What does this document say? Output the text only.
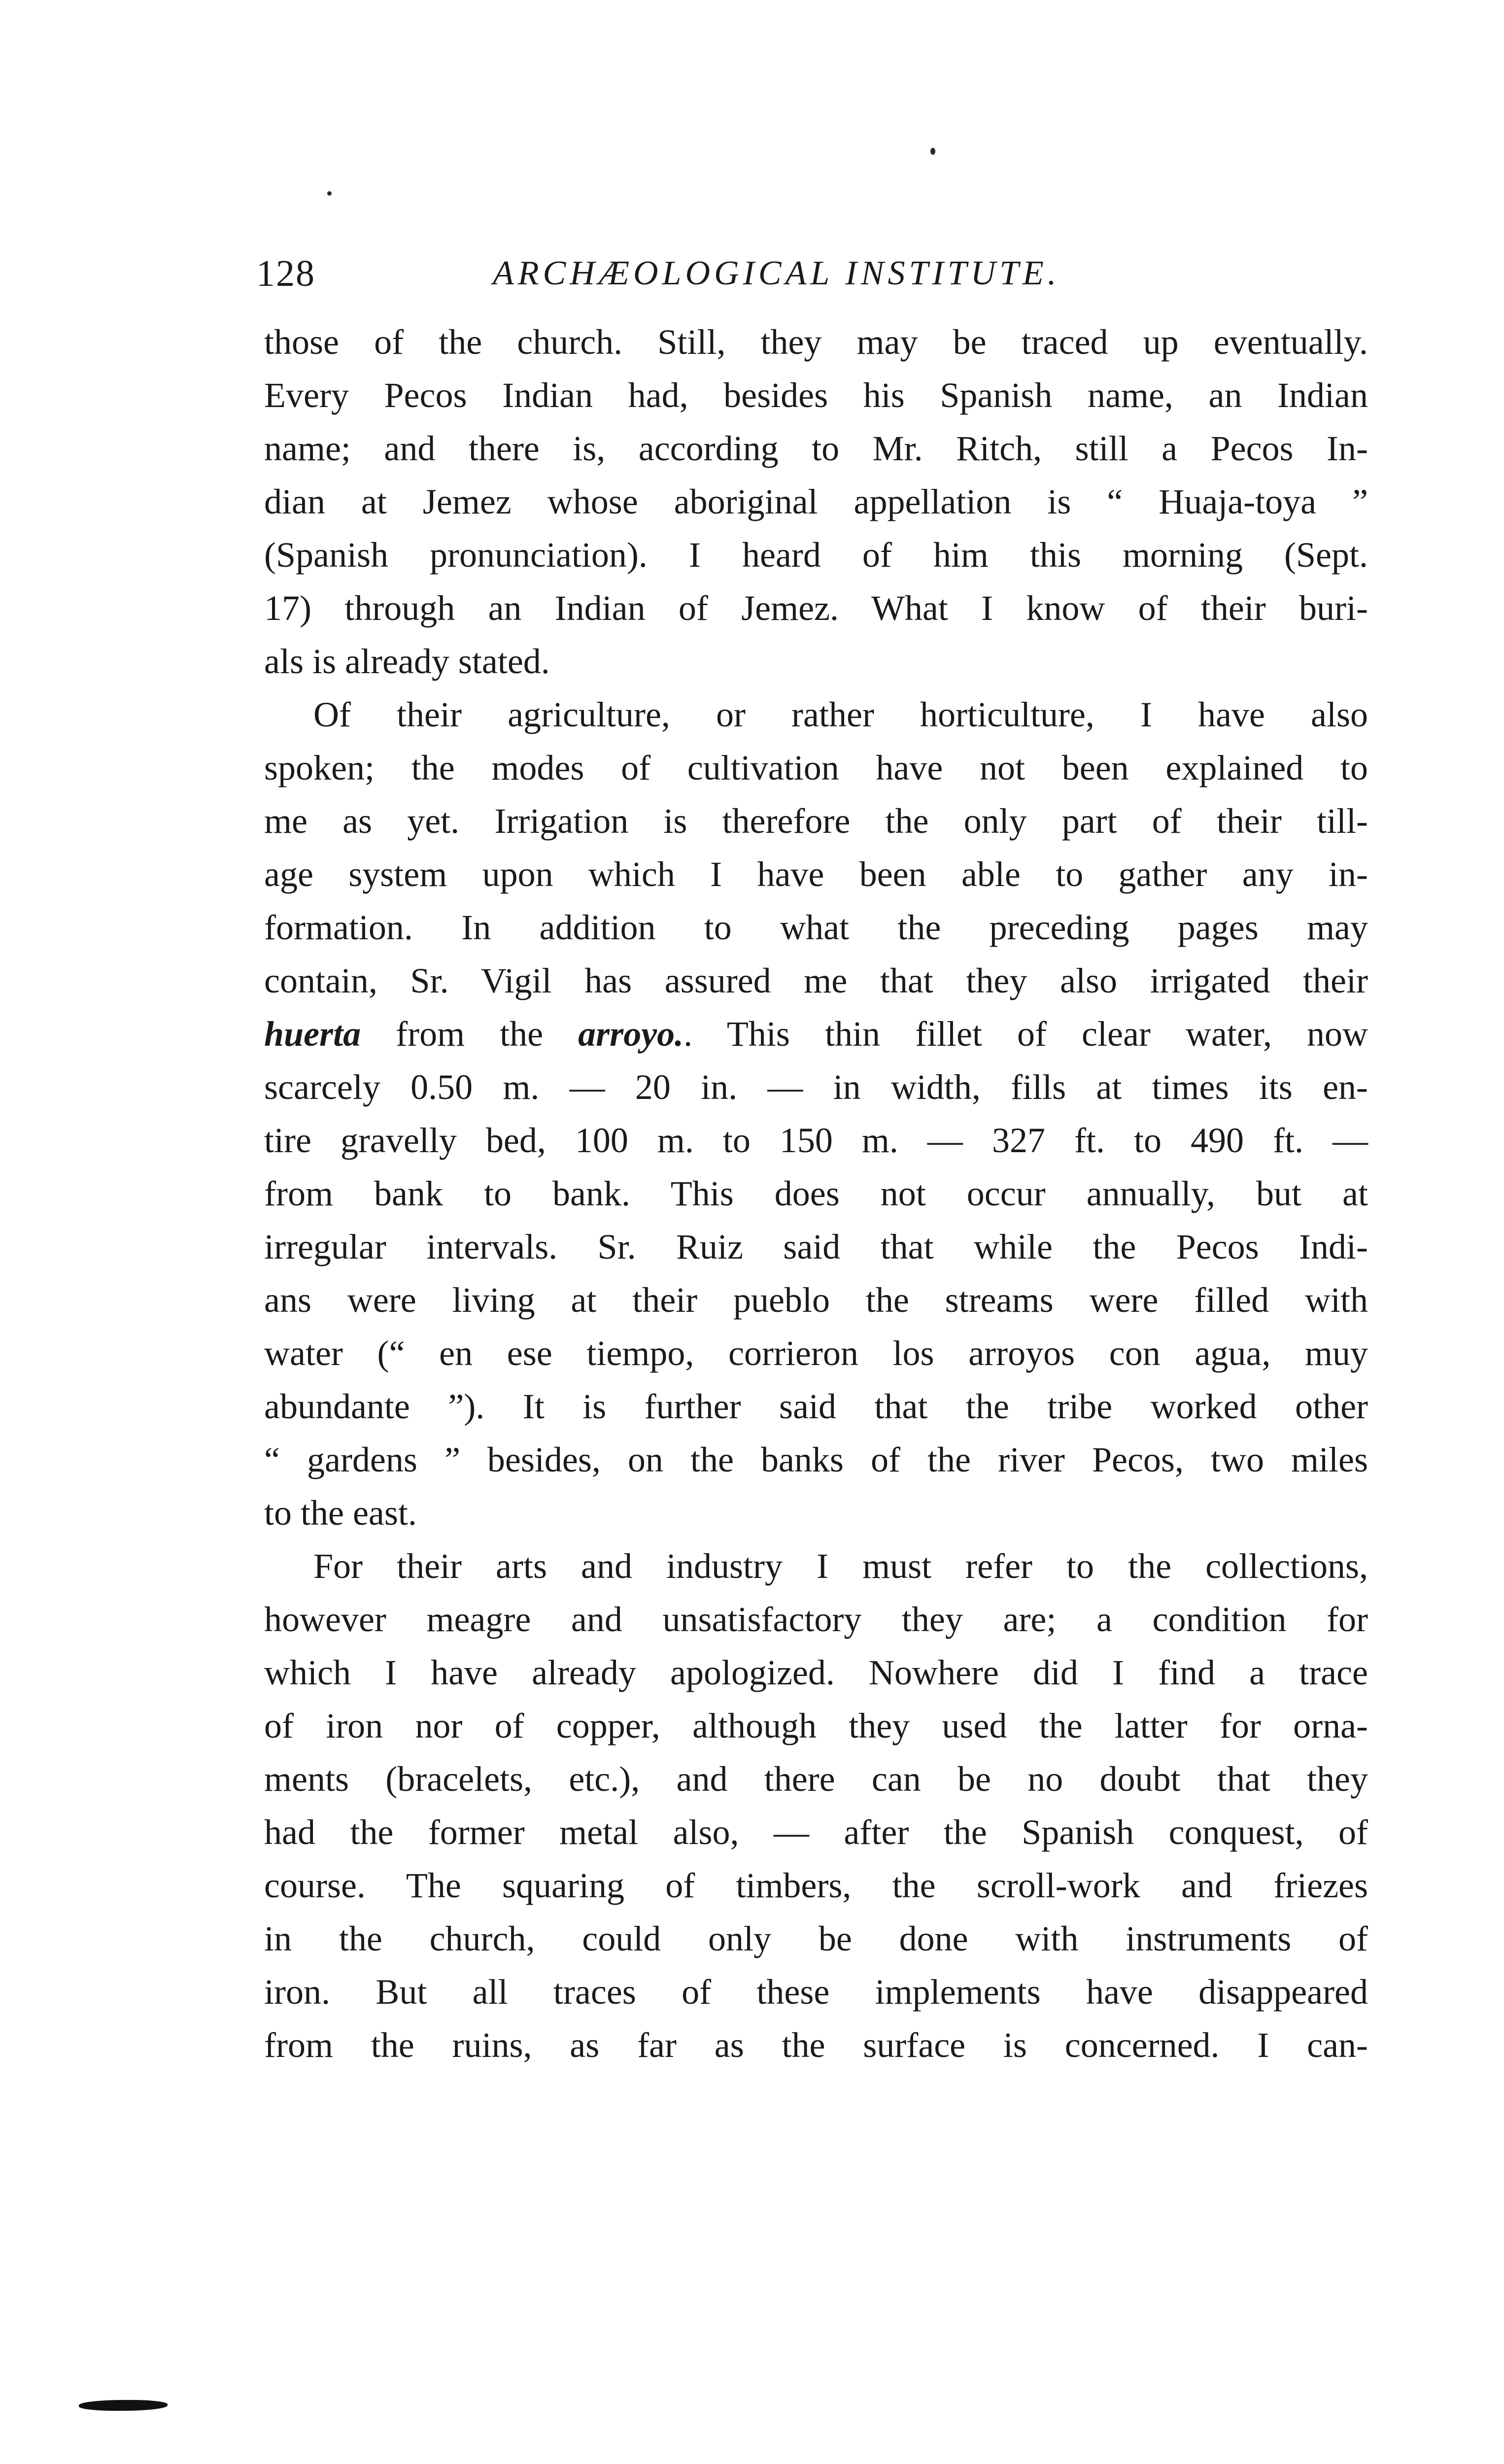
128	ARCHÆOLOGICAL INSTITUTE.
those of the church. Still, they may be traced up eventually.
Every Pecos Indian had, besides his Spanish name, an Indian
name; and there is, according to Mr. Ritch, still a Pecos In-
dian at Jemez whose aboriginal appellation is “ Huaja-toya ”
(Spanish pronunciation). I heard of him this morning (Sept.
17) through an Indian of Jemez. What I know of their buri-
als is already stated.
Of their agriculture, or rather horticulture, I have also
spoken; the modes of cultivation have not been explained to
me as yet. Irrigation is therefore the only part of their till-
age system upon which I have been able to gather any in-
formation. In addition to what the preceding pages may
contain, Sr. Vigil has assured me that they also irrigated their
huerta from the arroyo.. This thin fillet of clear water, now
scarcely 0.50 m. — 20 in. — in width, fills at times its en-
tire gravelly bed, 100 m. to 150 m. — 327 ft. to 490 ft. —
from bank to bank. This does not occur annually, but at
irregular intervals. Sr. Ruiz said that while the Pecos Indi-
ans were living at their pueblo the streams were filled with
water (“ en ese tiempo, corrieron los arroyos con agua, muy
abundante ”). It is further said that the tribe worked other
“ gardens ” besides, on the banks of the river Pecos, two miles
to the east.
For their arts and industry I must refer to the collections,
however meagre and unsatisfactory they are; a condition for
which I have already apologized. Nowhere did I find a trace
of iron nor of copper, although they used the latter for orna-
ments (bracelets, etc.), and there can be no doubt that they
had the former metal also, — after the Spanish conquest, of
course. The squaring of timbers, the scroll-work and friezes
in the church, could only be done with instruments of
iron. But all traces of these implements have disappeared
from the ruins, as far as the surface is concerned. I can-
